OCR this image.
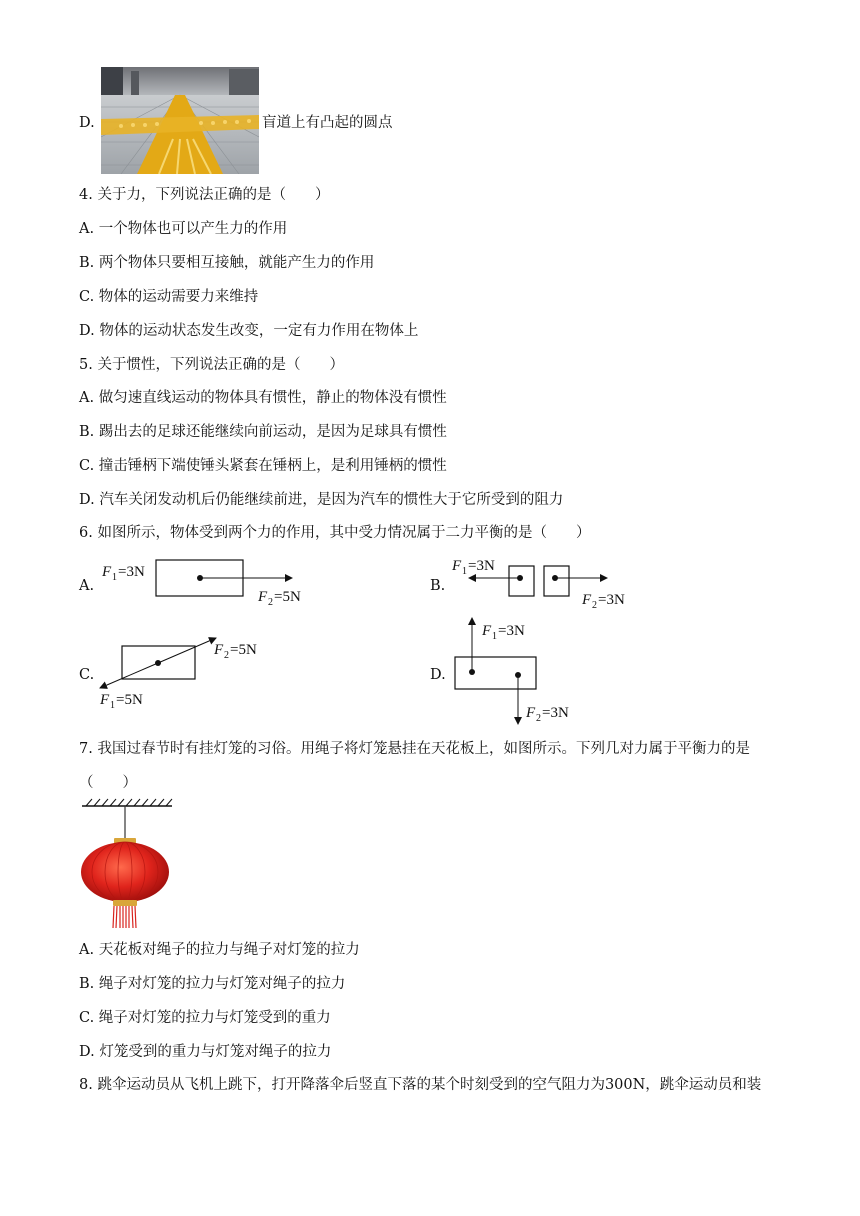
D.	盲道上有凸起的圆点
4. 关于力，下列说法正确的是（　　）
A. 一个物体也可以产生力的作用
B. 两个物体只要相互接触，就能产生力的作用
C. 物体的运动需要力来维持
D. 物体的运动状态发生改变，一定有力作用在物体上
5. 关于惯性，下列说法正确的是（　　）
A. 做匀速直线运动的物体具有惯性，静止的物体没有惯性
B. 踢出去的足球还能继续向前运动，是因为足球具有惯性
C. 撞击锤柄下端使锤头紧套在锤柄上，是利用锤柄的惯性
D. 汽车关闭发动机后仍能继续前进，是因为汽车的惯性大于它所受到的阻力
6. 如图所示，物体受到两个力的作用，其中受力情况属于二力平衡的是（　　）
A.
F 1 =3N
F 2 =5N
B.
F 1 =3N
F 2 =3N
C.
F 2 =5N
F 1 =5N
D.
F 1 =3N
F 2 =3N
7. 我国过春节时有挂灯笼的习俗。用绳子将灯笼悬挂在天花板上，如图所示。下列几对力属于平衡力的是
（　　）
A. 天花板对绳子的拉力与绳子对灯笼的拉力
B. 绳子对灯笼的拉力与灯笼对绳子的拉力
C. 绳子对灯笼的拉力与灯笼受到的重力
D. 灯笼受到的重力与灯笼对绳子的拉力
8. 跳伞运动员从飞机上跳下，打开降落伞后竖直下落的某个时刻受到的空气阻力为300N，跳伞运动员和装
